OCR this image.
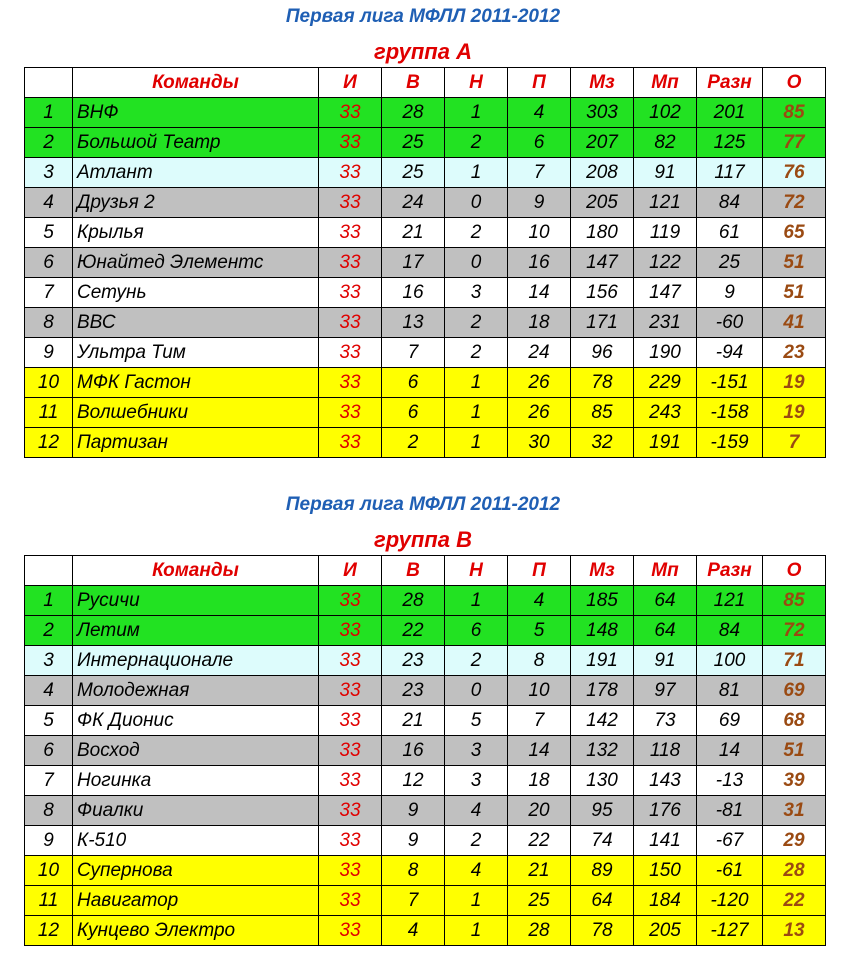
Первая лига МФЛЛ 2011-2012
группа А
	Команды	И	В	Н	П	Мз	Мп	Разн	О
1	ВНФ	33	28	1	4	303	102	201	85
2	Большой Театр	33	25	2	6	207	82	125	77
3	Атлант	33	25	1	7	208	91	117	76
4	Друзья 2	33	24	0	9	205	121	84	72
5	Крылья	33	21	2	10	180	119	61	65
6	Юнайтед Элементс	33	17	0	16	147	122	25	51
7	Сетунь	33	16	3	14	156	147	9	51
8	ВВС	33	13	2	18	171	231	-60	41
9	Ультра Тим	33	7	2	24	96	190	-94	23
10	МФК Гастон	33	6	1	26	78	229	-151	19
11	Волшебники	33	6	1	26	85	243	-158	19
12	Партизан	33	2	1	30	32	191	-159	7
Первая лига МФЛЛ 2011-2012
группа В
	Команды	И	В	Н	П	Мз	Мп	Разн	О
1	Русичи	33	28	1	4	185	64	121	85
2	Летим	33	22	6	5	148	64	84	72
3	Интернационале	33	23	2	8	191	91	100	71
4	Молодежная	33	23	0	10	178	97	81	69
5	ФК Дионис	33	21	5	7	142	73	69	68
6	Восход	33	16	3	14	132	118	14	51
7	Ногинка	33	12	3	18	130	143	-13	39
8	Фиалки	33	9	4	20	95	176	-81	31
9	К-510	33	9	2	22	74	141	-67	29
10	Супернова	33	8	4	21	89	150	-61	28
11	Навигатор	33	7	1	25	64	184	-120	22
12	Кунцево Электро	33	4	1	28	78	205	-127	13
